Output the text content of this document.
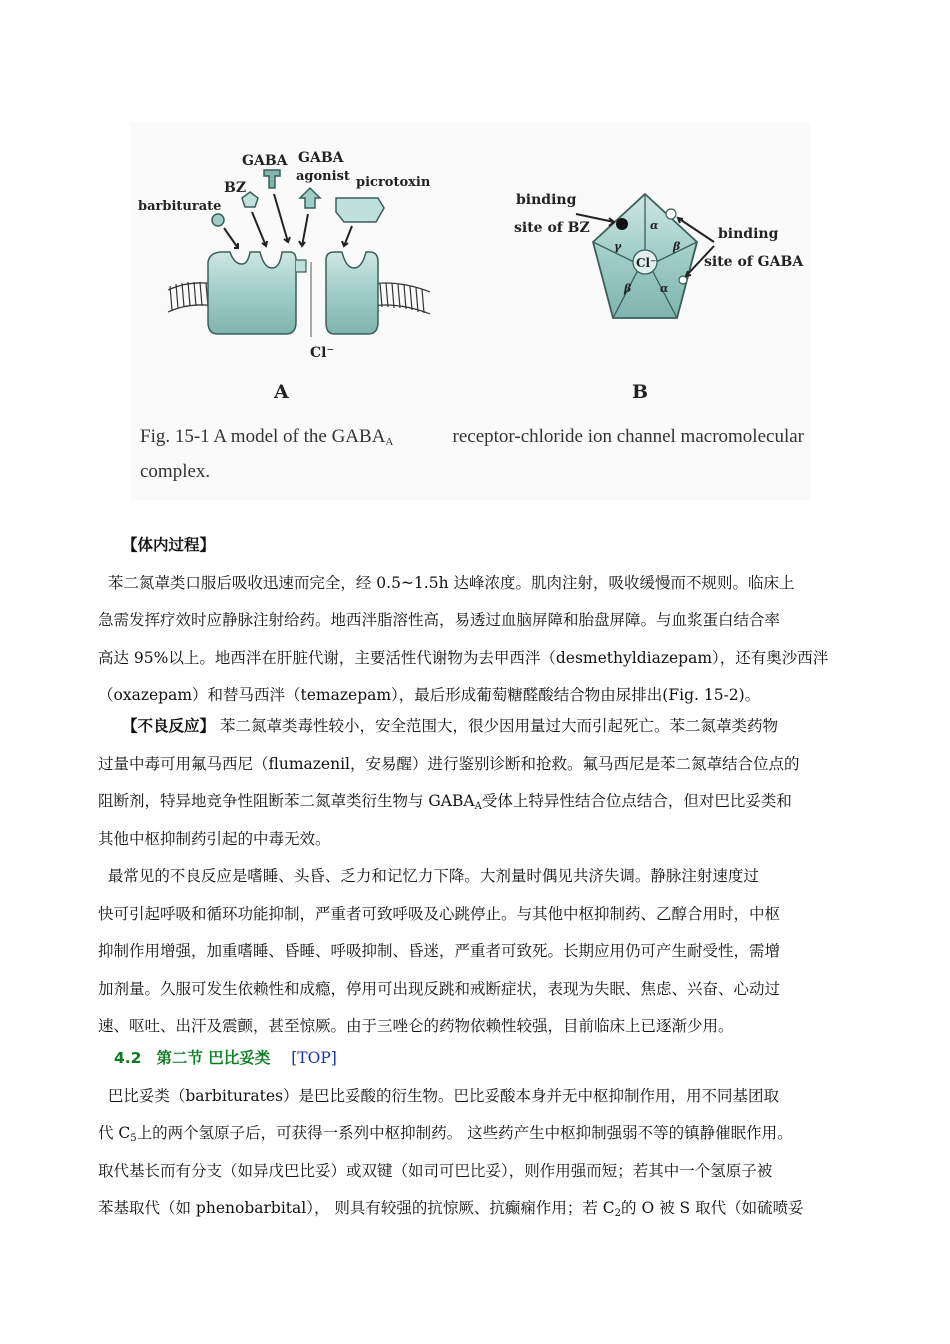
GABA GABA
agonist picrotoxin
BZ
barbiturate
Cl⁻
A
α
β
α
β
γ
Cl⁻
binding
site of BZ	binding
site of GABA
B
Fig. 15-1 A model of the $GABA_A$	receptor-chloride ion channel macromolecular
complex.
【体内过程】
苯二氮䓬类口服后吸收迅速而完全，经 0.5~1.5h 达峰浓度。肌肉注射，吸收缓慢而不规则。临床上
急需发挥疗效时应静脉注射给药。地西泮脂溶性高，易透过血脑屏障和胎盘屏障。与血浆蛋白结合率
高达 95%以上。地西泮在肝脏代谢，主要活性代谢物为去甲西泮（desmethyldiazepam），还有奥沙西泮
（oxazepam）和替马西泮（temazepam），最后形成葡萄糖醛酸结合物由尿排出(Fig. 15-2)。
【不良反应】 苯二氮䓬类毒性较小，安全范围大，很少因用量过大而引起死亡。苯二氮䓬类药物
过量中毒可用氟马西尼（flumazenil，安易醒）进行鉴别诊断和抢救。氟马西尼是苯二氮䓬结合位点的
阻断剂，特异地竞争性阻断苯二氮䓬类衍生物与 GABAA受体上特异性结合位点结合，但对巴比妥类和
其他中枢抑制药引起的中毒无效。
最常见的不良反应是嗜睡、头昏、乏力和记忆力下降。大剂量时偶见共济失调。静脉注射速度过
快可引起呼吸和循环功能抑制，严重者可致呼吸及心跳停止。与其他中枢抑制药、乙醇合用时，中枢
抑制作用增强，加重嗜睡、昏睡、呼吸抑制、昏迷，严重者可致死。长期应用仍可产生耐受性，需增
加剂量。久服可发生依赖性和成瘾，停用可出现反跳和戒断症状，表现为失眠、焦虑、兴奋、心动过
速、呕吐、出汗及震颤，甚至惊厥。由于三唑仑的药物依赖性较强，目前临床上已逐渐少用。
4.2 第二节 巴比妥类 [TOP]
巴比妥类（barbiturates）是巴比妥酸的衍生物。巴比妥酸本身并无中枢抑制作用，用不同基团取
代 C5上的两个氢原子后，可获得一系列中枢抑制药。 这些药产生中枢抑制强弱不等的镇静催眠作用。
取代基长而有分支（如异戊巴比妥）或双键（如司可巴比妥），则作用强而短；若其中一个氢原子被
苯基取代（如 phenobarbital）， 则具有较强的抗惊厥、抗癫痫作用；若 C2的 O 被 S 取代（如硫喷妥
